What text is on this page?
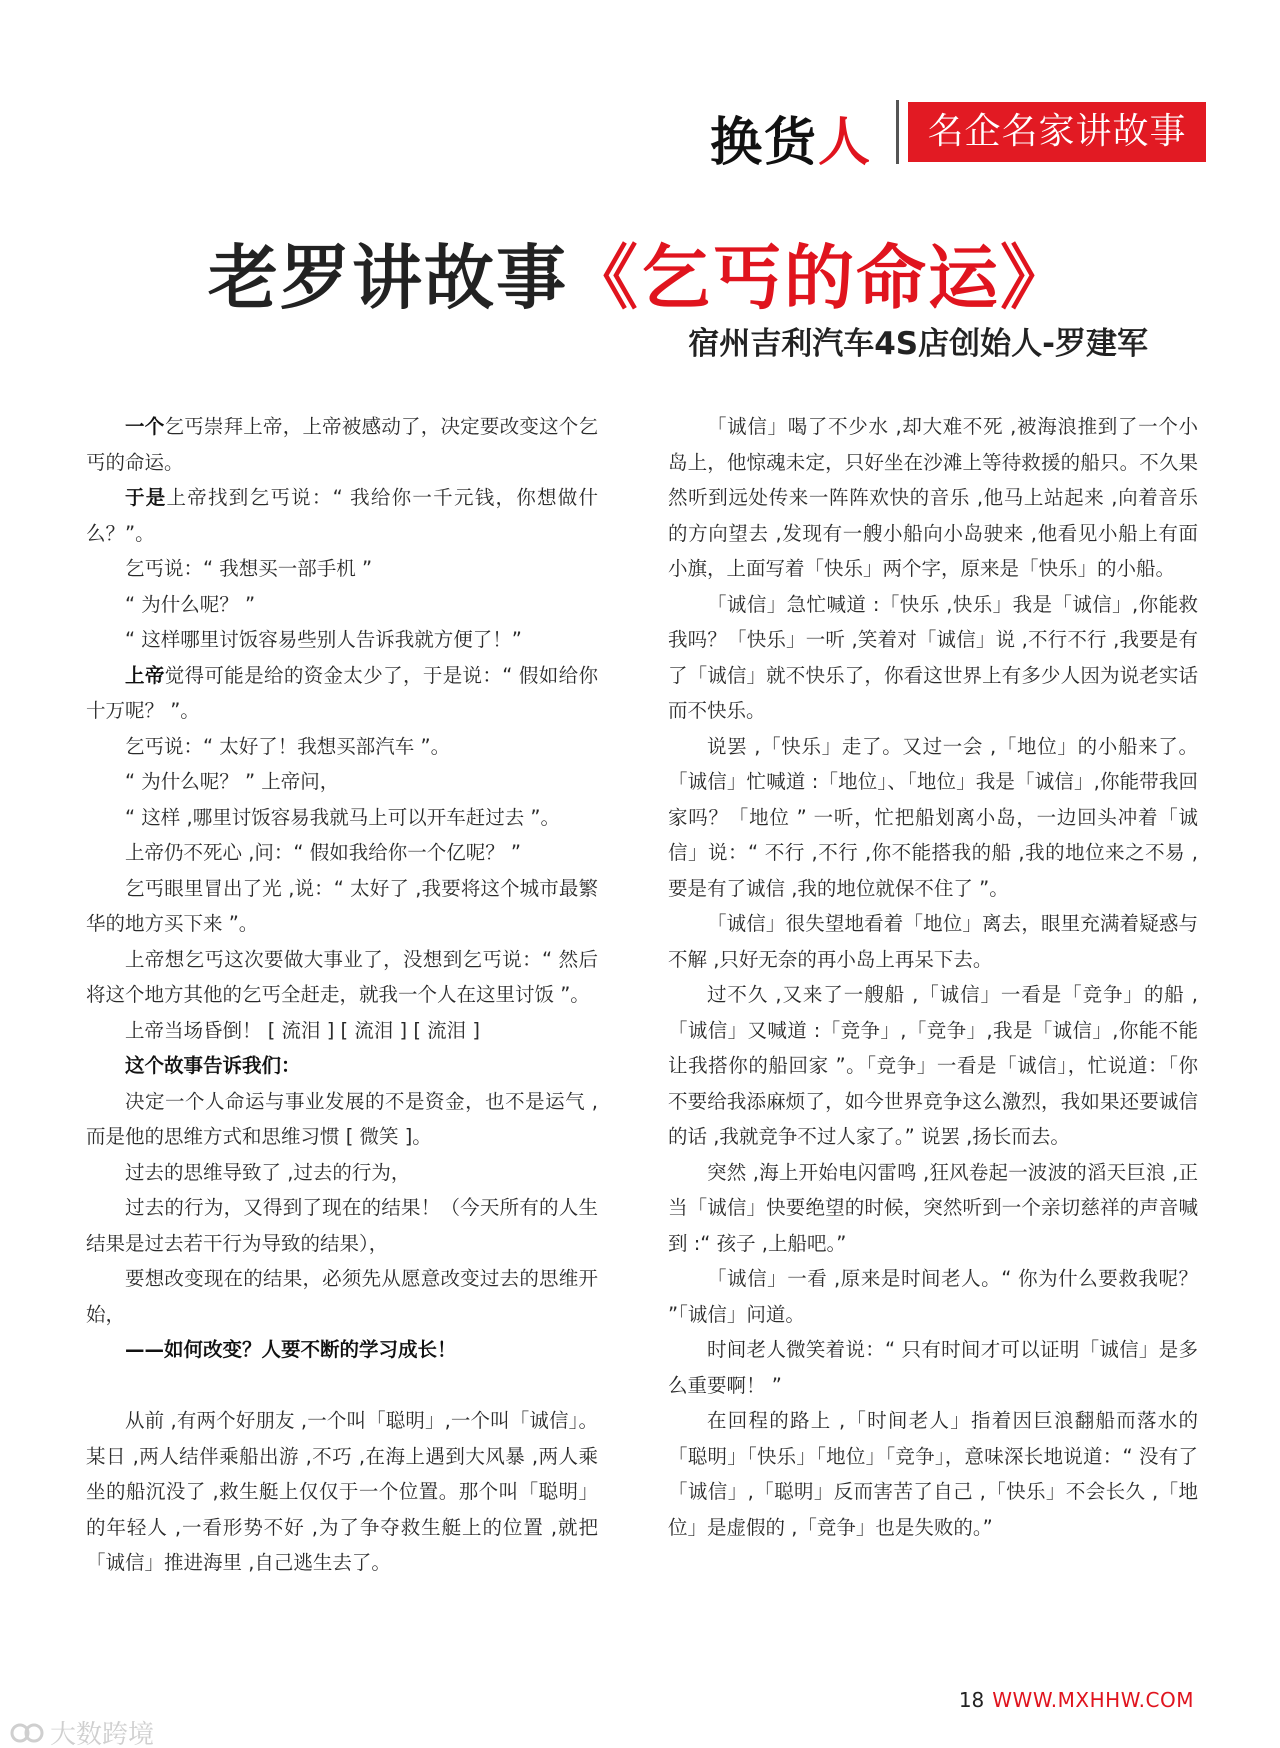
换货人	名企名家讲故事
老罗讲故事《乞丐的命运》
宿州吉利汽车4S店创始人-罗建军

一个乞丐崇拜上帝，上帝被感动了，决定要改变这个乞丐的命运。

于是上帝找到乞丐说：“ 我给你一千元钱，你想做什么？”。

乞丐说：“ 我想买一部手机 ”

“ 为什么呢？ ”

“ 这样哪里讨饭容易些别人告诉我就方便了！”

上帝觉得可能是给的资金太少了，于是说：“ 假如给你十万呢？ ”。

乞丐说：“ 太好了！我想买部汽车 ”。

“ 为什么呢？ ” 上帝问，

“ 这样 ,哪里讨饭容易我就马上可以开车赶过去 ”。

上帝仍不死心 ,问：“ 假如我给你一个亿呢？ ”

乞丐眼里冒出了光 ,说：“ 太好了 ,我要将这个城市最繁华的地方买下来 ”。

上帝想乞丐这次要做大事业了，没想到乞丐说：“ 然后将这个地方其他的乞丐全赶走，就我一个人在这里讨饭 ”。

上帝当场昏倒！ [ 流泪 ] [ 流泪 ] [ 流泪 ]

这个故事告诉我们：

决定一个人命运与事业发展的不是资金，也不是运气 ,而是他的思维方式和思维习惯 [ 微笑 ]。

过去的思维导致了 ,过去的行为，

过去的行为，又得到了现在的结果！（今天所有的人生结果是过去若干行为导致的结果），

要想改变现在的结果，必须先从愿意改变过去的思维开始，

——如何改变？人要不断的学习成长！

从前 ,有两个好朋友 ,一个叫「聪明」,一个叫「诚信」。某日 ,两人结伴乘船出游 ,不巧 ,在海上遇到大风暴 ,两人乘坐的船沉没了 ,救生艇上仅仅于一个位置。那个叫「聪明」的年轻人 ,一看形势不好 ,为了争夺救生艇上的位置 ,就把「诚信」推进海里 ,自己逃生去了。

「诚信」喝了不少水 ,却大难不死 ,被海浪推到了一个小岛上，他惊魂未定，只好坐在沙滩上等待救援的船只。不久果然听到远处传来一阵阵欢快的音乐 ,他马上站起来 ,向着音乐的方向望去 ,发现有一艘小船向小岛驶来 ,他看见小船上有面小旗，上面写着「快乐」两个字，原来是「快乐」的小船。

「诚信」急忙喊道 :「快乐 ,快乐」我是「诚信」,你能救我吗？「快乐」一听 ,笑着对「诚信」说 ,不行不行 ,我要是有了「诚信」就不快乐了，你看这世界上有多少人因为说老实话而不快乐。

说罢 ,「快乐」走了。又过一会 ,「地位」的小船来了。「诚信」忙喊道 :「地位」、「地位」我是「诚信」,你能带我回家吗？「地位 ” 一听，忙把船划离小岛，一边回头冲着「诚信」说：“ 不行 ,不行 ,你不能搭我的船 ,我的地位来之不易 ,要是有了诚信 ,我的地位就保不住了 ”。

「诚信」很失望地看着「地位」离去，眼里充满着疑惑与不解 ,只好无奈的再小岛上再呆下去。

过不久 ,又来了一艘船 ,「诚信」一看是「竞争」的船 ,「诚信」又喊道 :「竞争」,「竞争」,我是「诚信」,你能不能让我搭你的船回家 ”。「竞争」一看是「诚信」，忙说道：「你不要给我添麻烦了，如今世界竞争这么激烈，我如果还要诚信的话 ,我就竞争不过人家了。” 说罢 ,扬长而去。

突然 ,海上开始电闪雷鸣 ,狂风卷起一波波的滔天巨浪 ,正当「诚信」快要绝望的时候，突然听到一个亲切慈祥的声音喊到 :“ 孩子 ,上船吧。”

「诚信」一看 ,原来是时间老人。“ 你为什么要救我呢？ ”「诚信」问道。

时间老人微笑着说：“ 只有时间才可以证明「诚信」是多么重要啊！ ”

在回程的路上 ,「时间老人」指着因巨浪翻船而落水的「聪明」「快乐」「地位」「竞争」，意味深长地说道：“ 没有了「诚信」,「聪明」反而害苦了自己 ,「快乐」不会长久 ,「地位」是虚假的 ,「竞争」也是失败的。”

18 WWW.MXHHW.COM
大数跨境
